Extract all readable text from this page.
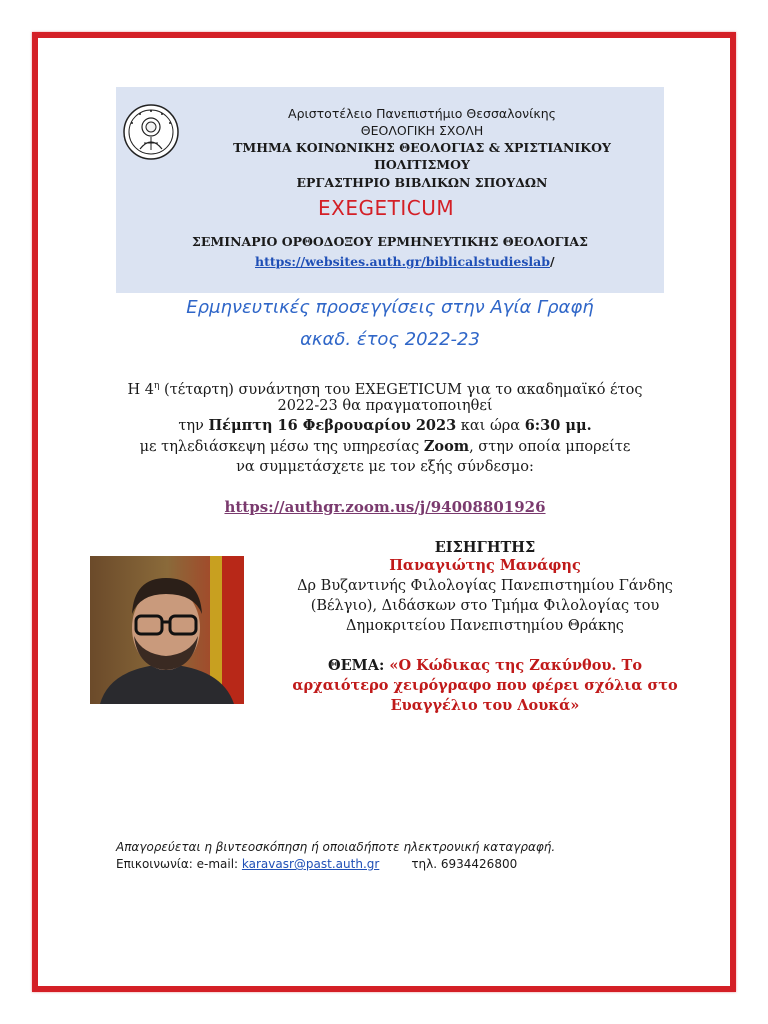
Αριστοτέλειο Πανεπιστήμιο Θεσσαλονίκης
ΘΕΟΛΟΓΙΚΗ ΣΧΟΛΗ
ΤΜΗΜΑ ΚΟΙΝΩΝΙΚΗΣ ΘΕΟΛΟΓΙΑΣ & ΧΡΙΣΤΙΑΝΙΚΟΥ
ΠΟΛΙΤΙΣΜΟΥ
ΕΡΓΑΣΤΗΡΙΟ ΒΙΒΛΙΚΩΝ ΣΠΟΥΔΩΝ
EXEGETICUM
ΣΕΜΙΝΑΡΙΟ ΟΡΘΟΔΟΞΟΥ ΕΡΜΗΝΕΥΤΙΚΗΣ ΘΕΟΛΟΓΙΑΣ
https://websites.auth.gr/biblicalstudieslab/
Ερμηνευτικές προσεγγίσεις στην Αγία Γραφή
ακαδ. έτος 2022-23
Η $4^\eta$ (τέταρτη) συνάντηση του EXEGETICUM για το ακαδημαϊκό έτος
2022-23 θα πραγματοποιηθεί
την Πέμπτη 16 Φεβρουαρίου 2023 και ώρα 6:30 μμ.
με τηλεδιάσκεψη μέσω της υπηρεσίας Zoom, στην οποία μπορείτε
να συμμετάσχετε με τον εξής σύνδεσμο:
https://authgr.zoom.us/j/94008801926
ΕΙΣΗΓΗΤΗΣ
Παναγιώτης Μανάφης
Δρ Βυζαντινής Φιλολογίας Πανεπιστημίου Γάνδης
(Βέλγιο), Διδάσκων στο Τμήμα Φιλολογίας του
Δημοκριτείου Πανεπιστημίου Θράκης
ΘΕΜΑ: «Ο Κώδικας της Ζακύνθου. Το
αρχαιότερο χειρόγραφο που φέρει σχόλια στο
Ευαγγέλιο του Λουκά»
Απαγορεύεται η βιντεοσκόπηση ή οποιαδήποτε ηλεκτρονική καταγραφή.
Επικοινωνία: e-mail: karavasr@past.auth.gr	τηλ. 6934426800
